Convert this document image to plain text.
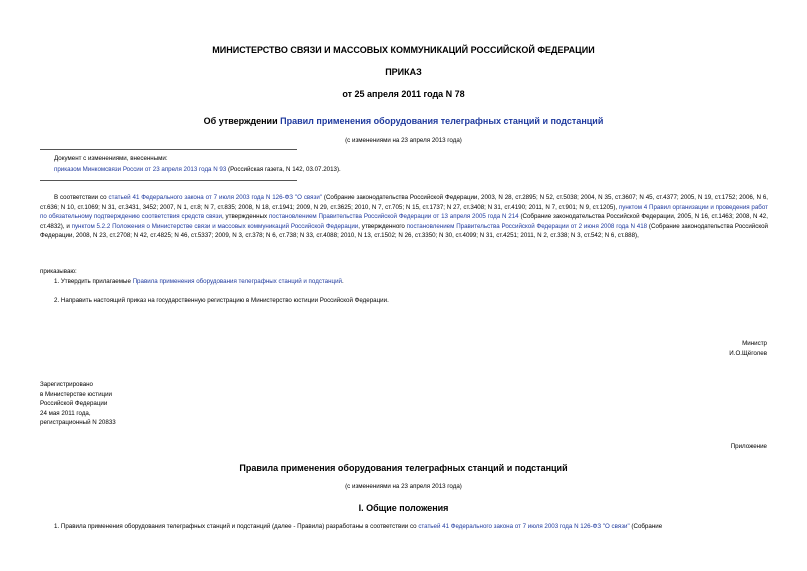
МИНИСТЕРСТВО СВЯЗИ И МАССОВЫХ КОММУНИКАЦИЙ РОССИЙСКОЙ ФЕДЕРАЦИИ
ПРИКАЗ
от 25 апреля 2011 года N 78
Об утверждении Правил применения оборудования телеграфных станций и подстанций
(с изменениями на 23 апреля 2013 года)
Документ с изменениями, внесенными:
приказом Минкомсвязи России от 23 апреля 2013 года N 93 (Российская газета, N 142, 03.07.2013).
В соответствии со статьей 41 Федерального закона от 7 июля 2003 года N 126-ФЗ "О связи" (Собрание законодательства Российской Федерации, 2003, N 28, ст.2895; N 52, ст.5038; 2004, N 35, ст.3607; N 45, ст.4377; 2005, N 19, ст.1752; 2006, N 6, ст.636; N 10, ст.1069; N 31, ст.3431, 3452; 2007, N 1, ст.8; N 7, ст.835; 2008, N 18, ст.1941; 2009, N 29, ст.3625; 2010, N 7, ст.705; N 15, ст.1737; N 27, ст.3408; N 31, ст.4190; 2011, N 7, ст.901; N 9, ст.1205), пунктом 4 Правил организации и проведения работ по обязательному подтверждению соответствия средств связи, утвержденных постановлением Правительства Российской Федерации от 13 апреля 2005 года N 214 (Собрание законодательства Российской Федерации, 2005, N 16, ст.1463; 2008, N 42, ст.4832), и пунктом 5.2.2 Положения о Министерстве связи и массовых коммуникаций Российской Федерации, утвержденного постановлением Правительства Российской Федерации от 2 июня 2008 года N 418 (Собрание законодательства Российской Федерации, 2008, N 23, ст.2708; N 42, ст.4825; N 46, ст.5337; 2009, N 3, ст.378; N 6, ст.738; N 33, ст.4088; 2010, N 13, ст.1502; N 26, ст.3350; N 30, ст.4099; N 31, ст.4251; 2011, N 2, ст.338; N 3, ст.542; N 6, ст.888),
приказываю:
1. Утвердить прилагаемые Правила применения оборудования телеграфных станций и подстанций.
2. Направить настоящий приказ на государственную регистрацию в Министерство юстиции Российской Федерации.
Министр
И.О.Щёголев
Зарегистрировано
в Министерстве юстиции
Российской Федерации
24 мая 2011 года,
регистрационный N 20833
Приложение
Правила применения оборудования телеграфных станций и подстанций
(с изменениями на 23 апреля 2013 года)
I. Общие положения
1. Правила применения оборудования телеграфных станций и подстанций (далее - Правила) разработаны в соответствии со статьей 41 Федерального закона от 7 июля 2003 года N 126-ФЗ "О связи" (Собрание
